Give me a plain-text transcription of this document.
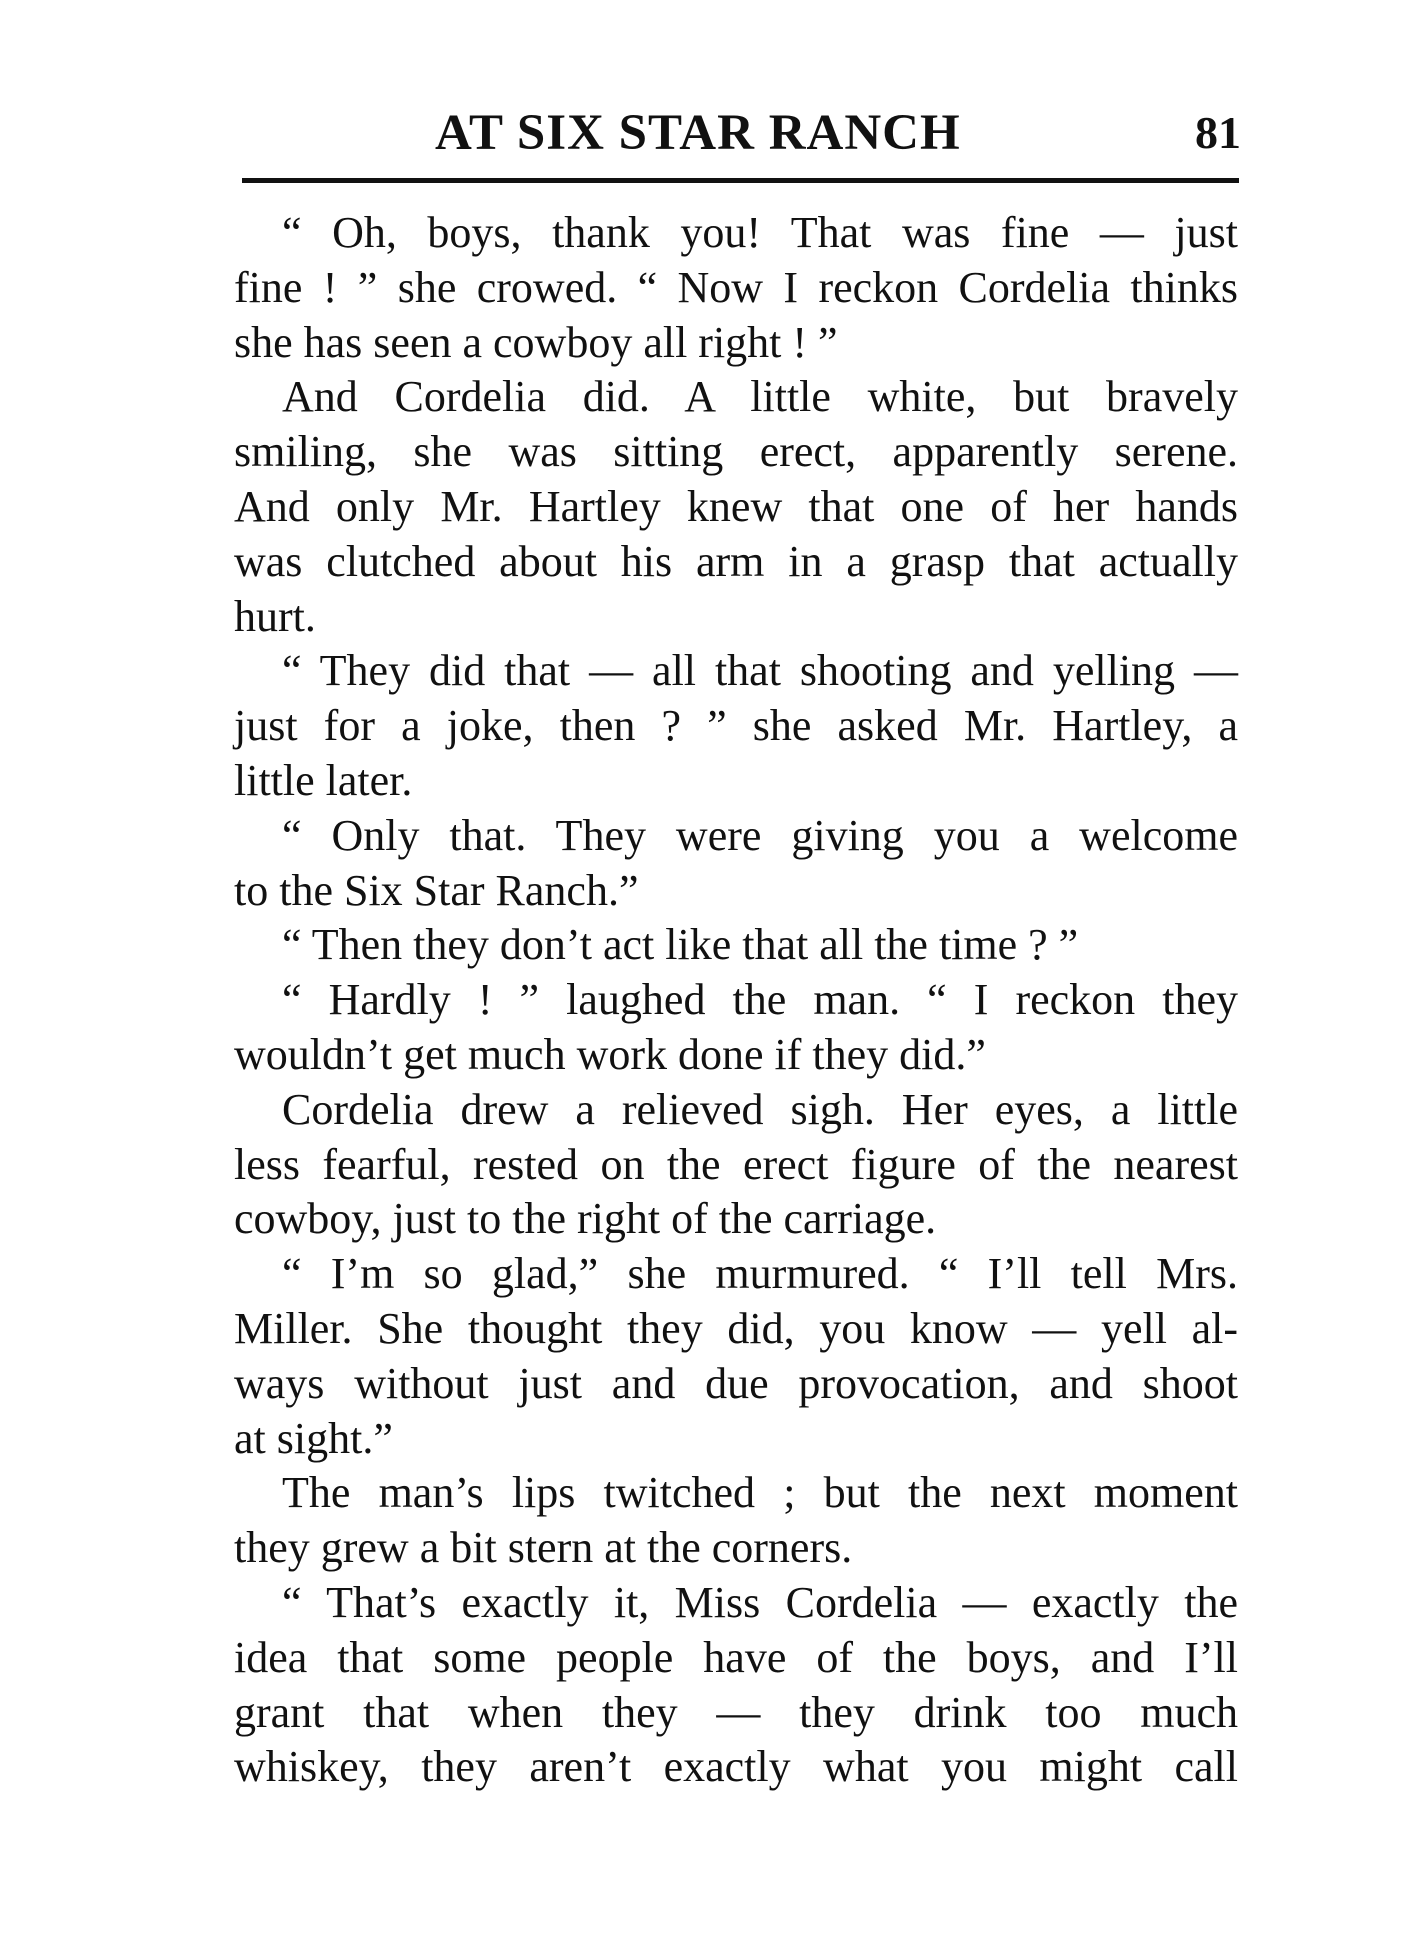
AT SIX STAR RANCH	81
“ Oh, boys, thank you! That was fine — just
fine ! ” she crowed. “ Now I reckon Cordelia thinks
she has seen a cowboy all right ! ”
And Cordelia did. A little white, but bravely
smiling, she was sitting erect, apparently serene.
And only Mr. Hartley knew that one of her hands
was clutched about his arm in a grasp that actually
hurt.
“ They did that — all that shooting and yelling —
just for a joke, then ? ” she asked Mr. Hartley, a
little later.
“ Only that. They were giving you a welcome
to the Six Star Ranch.”
“ Then they don’t act like that all the time ? ”
“ Hardly ! ” laughed the man. “ I reckon they
wouldn’t get much work done if they did.”
Cordelia drew a relieved sigh. Her eyes, a little
less fearful, rested on the erect figure of the nearest
cowboy, just to the right of the carriage.
“ I’m so glad,” she murmured. “ I’ll tell Mrs.
Miller. She thought they did, you know — yell al-
ways without just and due provocation, and shoot
at sight.”
The man’s lips twitched ; but the next moment
they grew a bit stern at the corners.
“ That’s exactly it, Miss Cordelia — exactly the
idea that some people have of the boys, and I’ll
grant that when they — they drink too much
whiskey, they aren’t exactly what you might call
